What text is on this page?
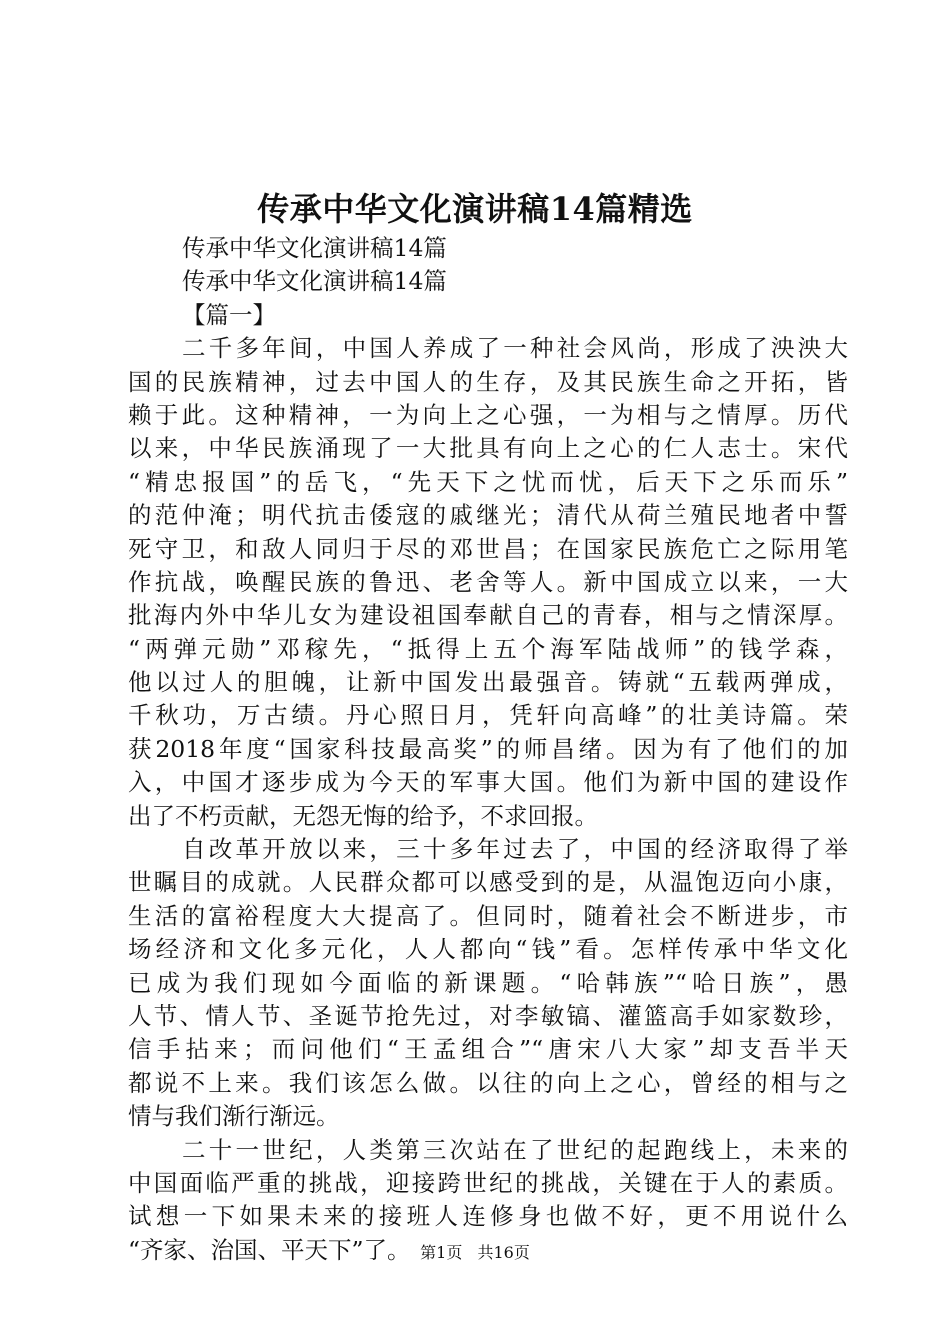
传承中华文化演讲稿14篇精选
传承中华文化演讲稿14篇
传承中华文化演讲稿14篇
【篇一】
二千多年间，中国人养成了一种社会风尚，形成了泱泱大
国的民族精神，过去中国人的生存，及其民族生命之开拓，皆
赖于此。这种精神，一为向上之心强，一为相与之情厚。历代
以来，中华民族涌现了一大批具有向上之心的仁人志士。宋代
“精忠报国”的岳飞，“先天下之忧而忧，后天下之乐而乐”
的范仲淹；明代抗击倭寇的戚继光；清代从荷兰殖民地者中誓
死守卫，和敌人同归于尽的邓世昌；在国家民族危亡之际用笔
作抗战，唤醒民族的鲁迅、老舍等人。新中国成立以来，一大
批海内外中华儿女为建设祖国奉献自己的青春，相与之情深厚。
“两弹元勋”邓稼先，“抵得上五个海军陆战师”的钱学森，
他以过人的胆魄，让新中国发出最强音。铸就“五载两弹成，
千秋功，万古绩。丹心照日月，凭轩向高峰”的壮美诗篇。荣
获2018年度“国家科技最高奖”的师昌绪。因为有了他们的加
入，中国才逐步成为今天的军事大国。他们为新中国的建设作
出了不朽贡献，无怨无悔的给予，不求回报。
自改革开放以来，三十多年过去了，中国的经济取得了举
世瞩目的成就。人民群众都可以感受到的是，从温饱迈向小康，
生活的富裕程度大大提高了。但同时，随着社会不断进步，市
场经济和文化多元化，人人都向“钱”看。怎样传承中华文化
已成为我们现如今面临的新课题。“哈韩族”“哈日族”，愚
人节、情人节、圣诞节抢先过，对李敏镐、灌篮高手如家数珍，
信手拈来；而问他们“王孟组合”“唐宋八大家”却支吾半天
都说不上来。我们该怎么做。以往的向上之心，曾经的相与之
情与我们渐行渐远。
二十一世纪，人类第三次站在了世纪的起跑线上，未来的
中国面临严重的挑战，迎接跨世纪的挑战，关键在于人的素质。
试想一下如果未来的接班人连修身也做不好，更不用说什么
“齐家、治国、平天下”了。 第1页 共16页
